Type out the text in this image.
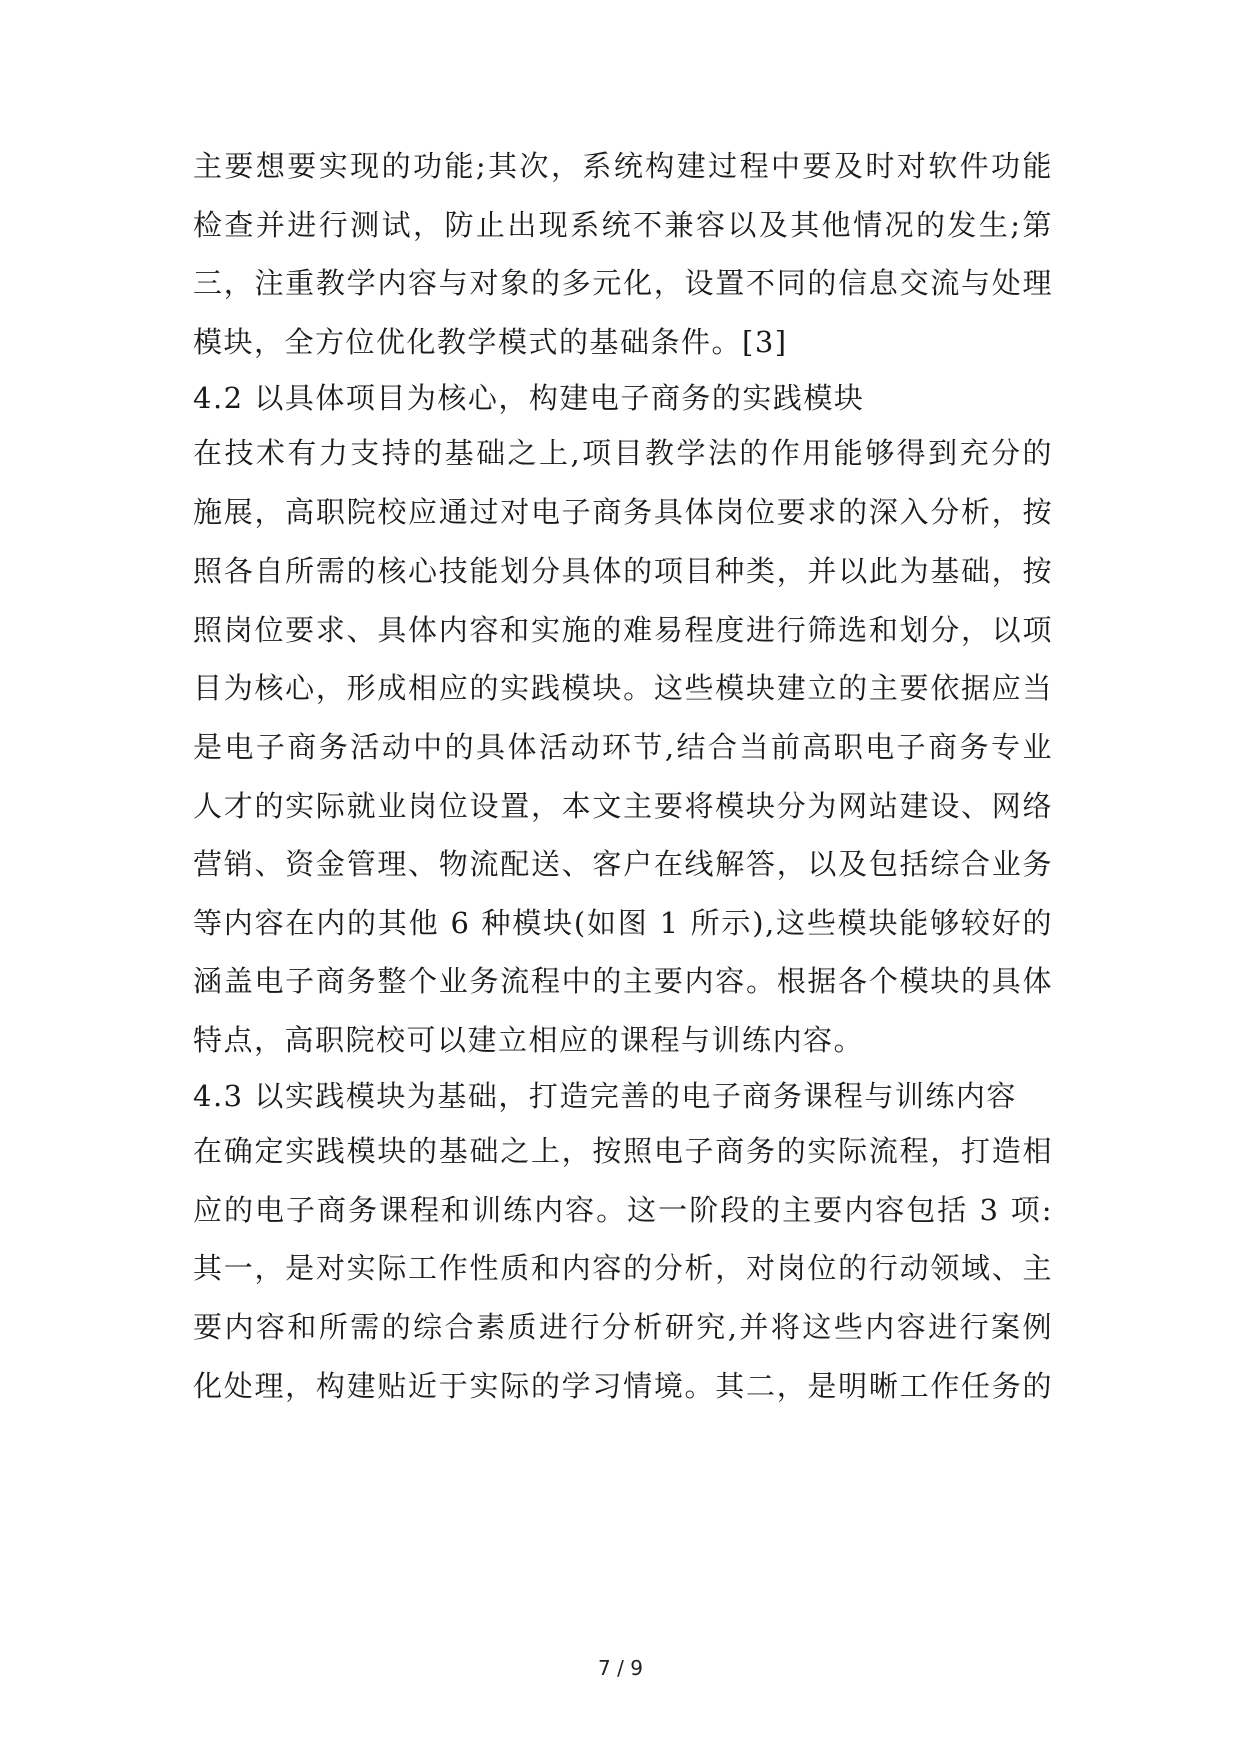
主要想要实现的功能;其次，系统构建过程中要及时对软件功能
检查并进行测试，防止出现系统不兼容以及其他情况的发生;第
三，注重教学内容与对象的多元化，设置不同的信息交流与处理
模块，全方位优化教学模式的基础条件。[3]
4.2 以具体项目为核心，构建电子商务的实践模块
在技术有力支持的基础之上,项目教学法的作用能够得到充分的
施展，高职院校应通过对电子商务具体岗位要求的深入分析，按
照各自所需的核心技能划分具体的项目种类，并以此为基础，按
照岗位要求、具体内容和实施的难易程度进行筛选和划分，以项
目为核心，形成相应的实践模块。这些模块建立的主要依据应当
是电子商务活动中的具体活动环节,结合当前高职电子商务专业
人才的实际就业岗位设置，本文主要将模块分为网站建设、网络
营销、资金管理、物流配送、客户在线解答，以及包括综合业务
等内容在内的其他 6 种模块(如图 1 所示),这些模块能够较好的
涵盖电子商务整个业务流程中的主要内容。根据各个模块的具体
特点，高职院校可以建立相应的课程与训练内容。
4.3 以实践模块为基础，打造完善的电子商务课程与训练内容
在确定实践模块的基础之上，按照电子商务的实际流程，打造相
应的电子商务课程和训练内容。这一阶段的主要内容包括 3 项:
其一，是对实际工作性质和内容的分析，对岗位的行动领域、主
要内容和所需的综合素质进行分析研究,并将这些内容进行案例
化处理，构建贴近于实际的学习情境。其二，是明晰工作任务的
7 / 9
